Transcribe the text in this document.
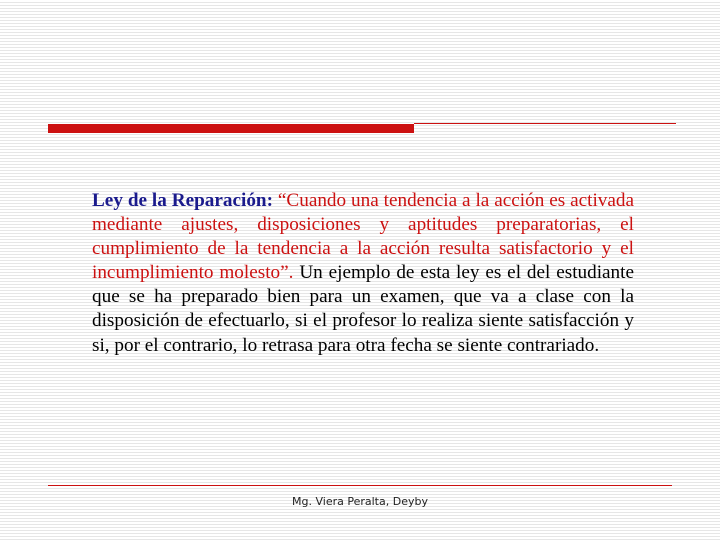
Ley de la Reparación: “Cuando una tendencia a la acción es activada mediante ajustes, disposiciones y aptitudes preparatorias, el cumplimiento de la tendencia a la acción resulta satisfactorio y el incumplimiento molesto”. Un ejemplo de esta ley es el del estudiante que se ha preparado bien para un examen, que va a clase con la disposición de efectuarlo, si el profesor lo realiza siente satisfacción y si, por el contrario, lo retrasa para otra fecha se siente contrariado.

Mg. Viera Peralta, Deyby
